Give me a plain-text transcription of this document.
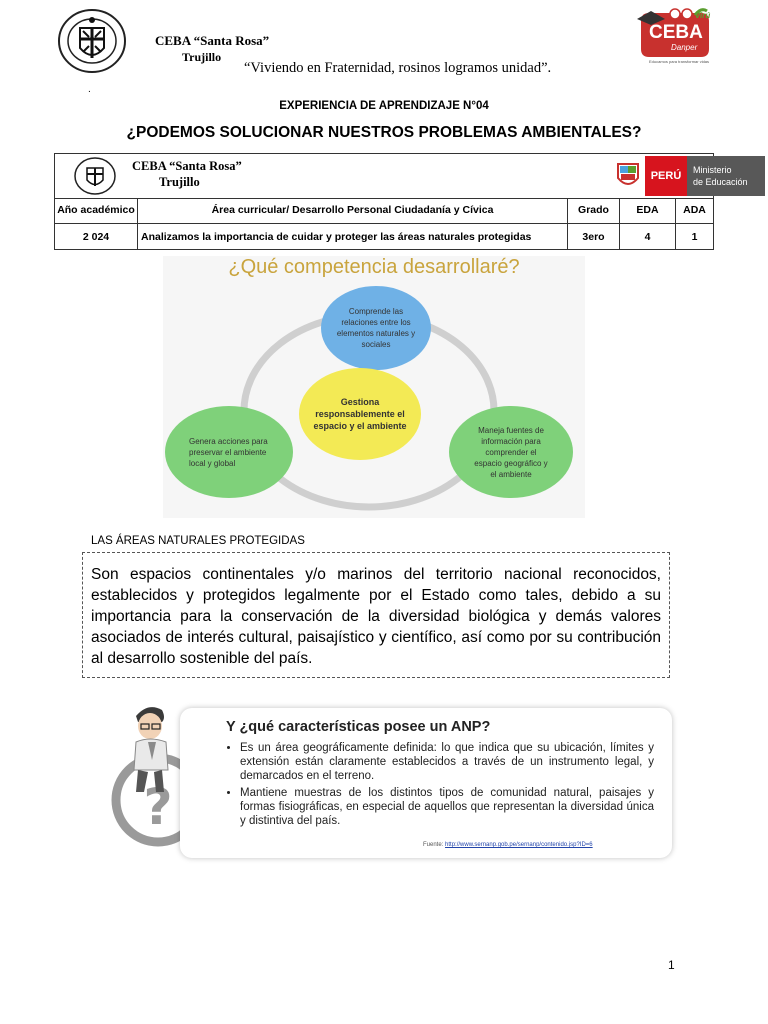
CEBA “Santa Rosa”
Trujillo
“Viviendo en Fraternidad, rosinos logramos unidad”.
Virú
CEBA
Danper
Educamos para transformar vidas
.
EXPERIENCIA DE APRENDIZAJE N°04
¿PODEMOS SOLUCIONAR NUESTROS PROBLEMAS AMBIENTALES?
CEBA “Santa Rosa”
Trujillo	PERÚ	Ministerio
de Educación
Año académico	Área curricular/ Desarrollo Personal Ciudadanía y Cívica	Grado	EDA	ADA
2 024	Analizamos la importancia de cuidar y proteger las áreas naturales protegidas	3ero	4	1
¿Qué competencia desarrollaré?
Comprende las relaciones entre los elementos naturales y sociales
Genera acciones para preservar el ambiente local y global
Maneja fuentes de información para comprender el espacio geográfico y el ambiente
Gestiona responsablemente el espacio y el ambiente
LAS ÁREAS NATURALES PROTEGIDAS
Son espacios continentales y/o marinos del territorio nacional reconocidos, establecidos y protegidos legalmente por el Estado como tales, debido a su importancia para la conservación de la diversidad biológica y demás valores asociados de interés cultural, paisajístico y científico, así como por su contribución al desarrollo sostenible del país.
?
Y ¿qué características posee un ANP?
• Es un área geográficamente definida: lo que indica que su ubicación, límites y extensión están claramente establecidos a través de un instrumento legal, y demarcados en el terreno.
• Mantiene muestras de los distintos tipos de comunidad natural, paisajes y formas fisiográficas, en especial de aquellos que representan la diversidad única y distintiva del país.
Fuente: http://www.sernanp.gob.pe/sernanp/contenido.jsp?ID=6
1
